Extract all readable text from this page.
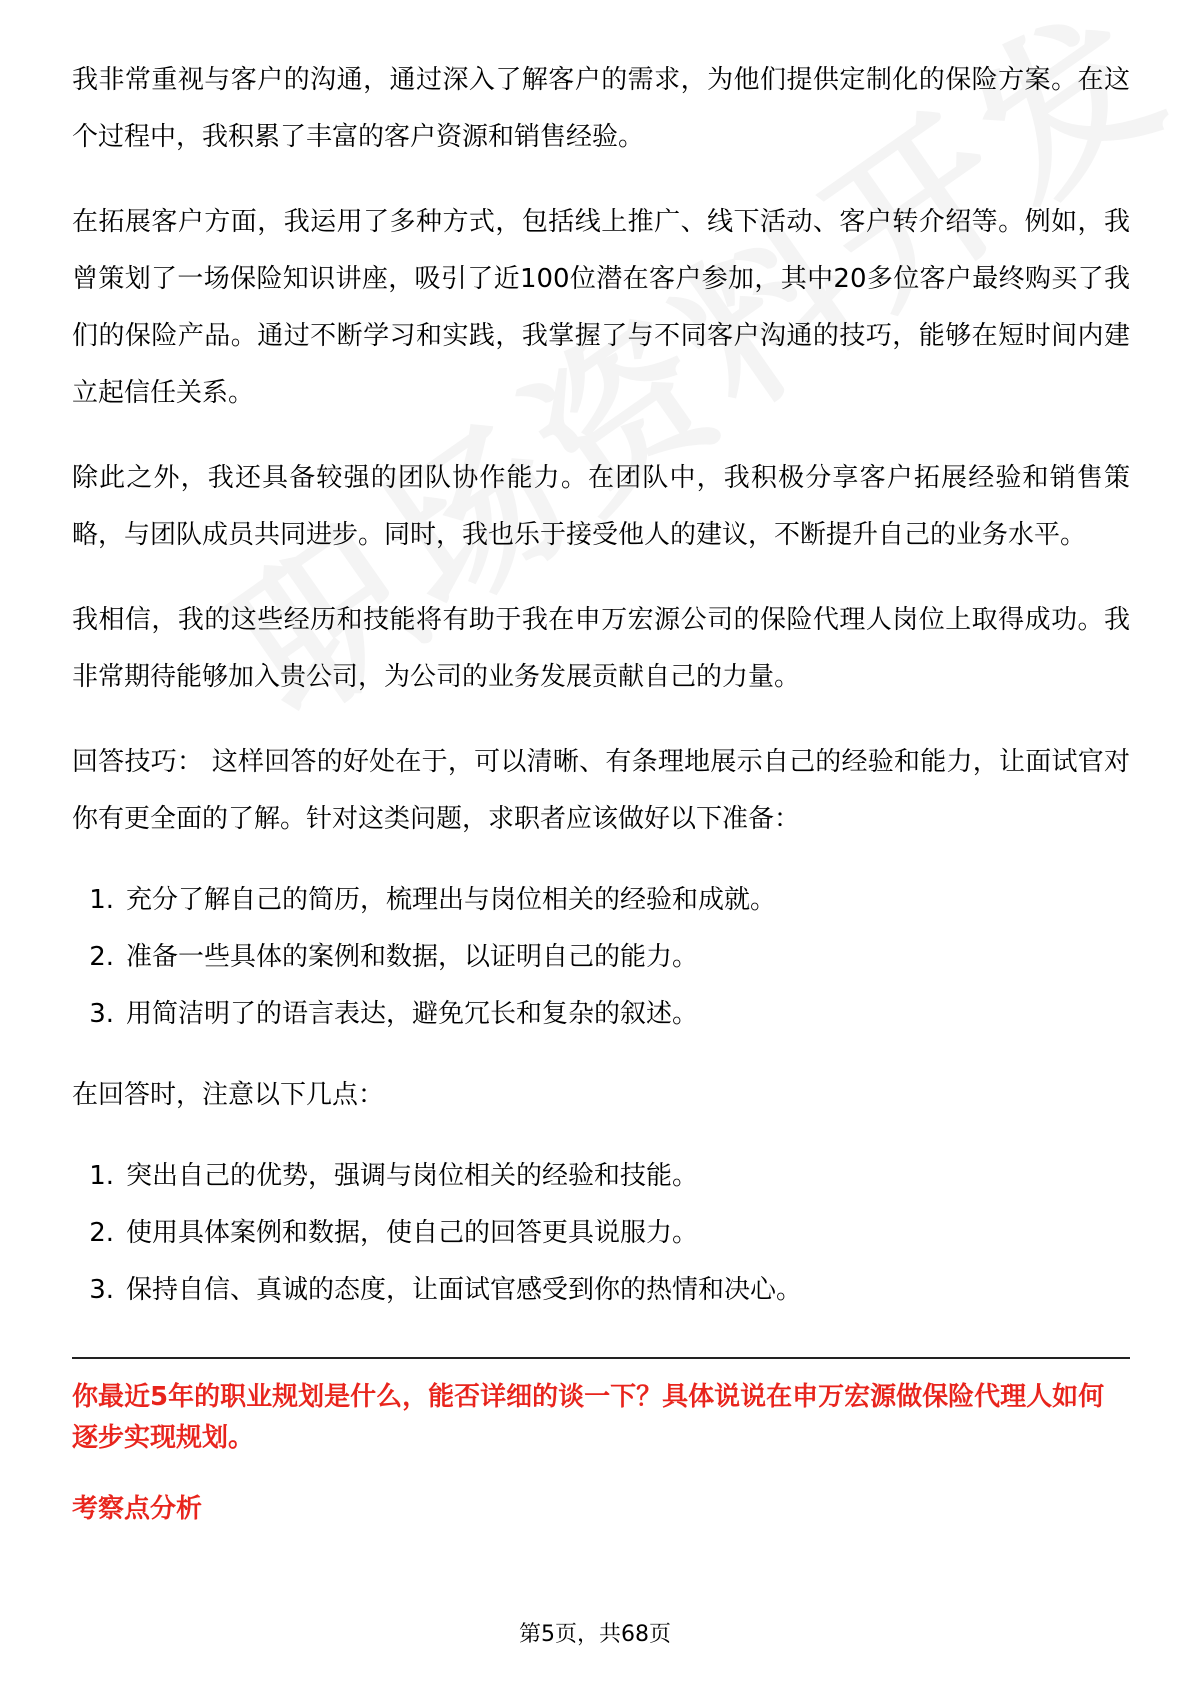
我非常重视与客户的沟通，通过深入了解客户的需求，为他们提供定制化的保险方案。在这个过程中，我积累了丰富的客户资源和销售经验。

在拓展客户方面，我运用了多种方式，包括线上推广、线下活动、客户转介绍等。例如，我曾策划了一场保险知识讲座，吸引了近100位潜在客户参加，其中20多位客户最终购买了我们的保险产品。通过不断学习和实践，我掌握了与不同客户沟通的技巧，能够在短时间内建立起信任关系。

除此之外，我还具备较强的团队协作能力。在团队中，我积极分享客户拓展经验和销售策略，与团队成员共同进步。同时，我也乐于接受他人的建议，不断提升自己的业务水平。

我相信，我的这些经历和技能将有助于我在申万宏源公司的保险代理人岗位上取得成功。我非常期待能够加入贵公司，为公司的业务发展贡献自己的力量。

回答技巧： 这样回答的好处在于，可以清晰、有条理地展示自己的经验和能力，让面试官对你有更全面的了解。针对这类问题，求职者应该做好以下准备：

1. 充分了解自己的简历，梳理出与岗位相关的经验和成就。
2. 准备一些具体的案例和数据，以证明自己的能力。
3. 用简洁明了的语言表达，避免冗长和复杂的叙述。

在回答时，注意以下几点：

1. 突出自己的优势，强调与岗位相关的经验和技能。
2. 使用具体案例和数据，使自己的回答更具说服力。
3. 保持自信、真诚的态度，让面试官感受到你的热情和决心。

你最近5年的职业规划是什么，能否详细的谈一下？具体说说在申万宏源做保险代理人如何逐步实现规划。

考察点分析

第5页，共68页
